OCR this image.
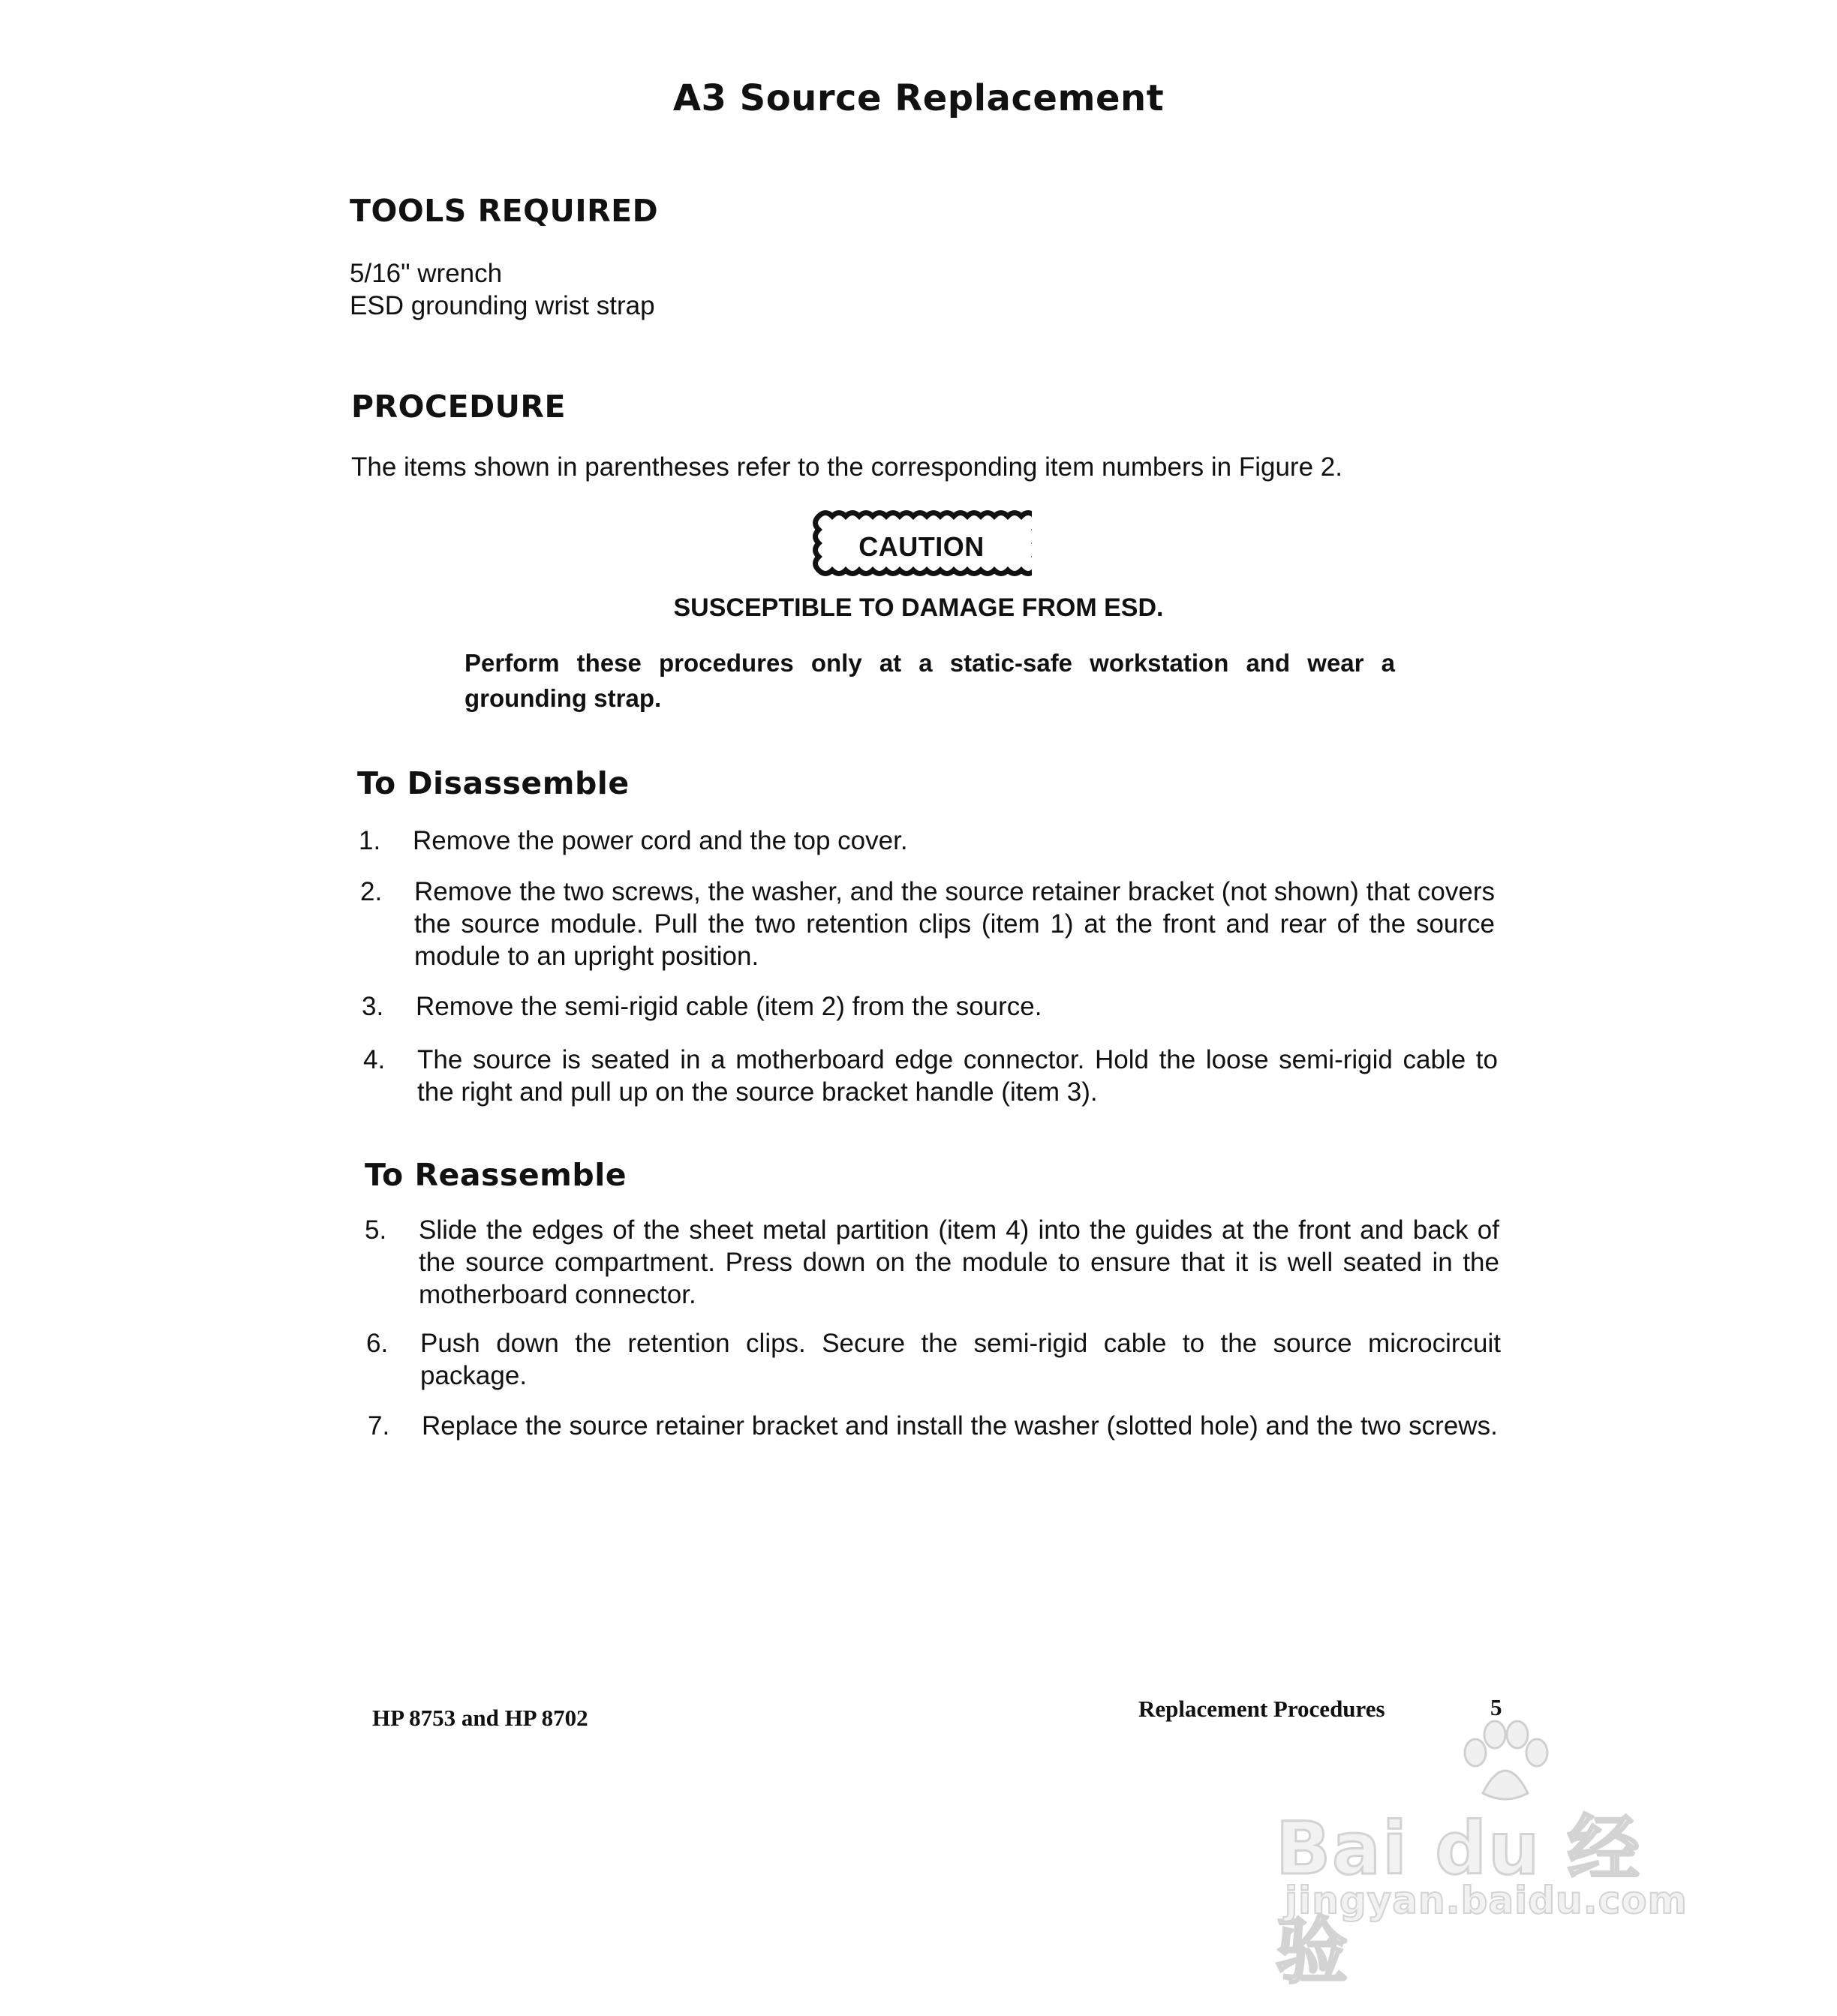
A3 Source Replacement
TOOLS REQUIRED
5/16" wrench
ESD grounding wrist strap
PROCEDURE
The items shown in parentheses refer to the corresponding item numbers in Figure 2.
CAUTION
SUSCEPTIBLE TO DAMAGE FROM ESD.
Perform these procedures only at a static-safe workstation and wear a grounding strap.
To Disassemble
1.	Remove the power cord and the top cover.
2.	Remove the two screws, the washer, and the source retainer bracket (not shown) that covers the source module. Pull the two retention clips (item 1) at the front and rear of the source module to an upright position.
3.	Remove the semi-rigid cable (item 2) from the source.
4.	The source is seated in a motherboard edge connector. Hold the loose semi-rigid cable to the right and pull up on the source bracket handle (item 3).
To Reassemble
5.	Slide the edges of the sheet metal partition (item 4) into the guides at the front and back of the source compartment. Press down on the module to ensure that it is well seated in the motherboard connector.
6.	Push down the retention clips. Secure the semi-rigid cable to the source microcircuit package.
7.	Replace the source retainer bracket and install the washer (slotted hole) and the two screws.
HP 8753 and HP 8702	Replacement Procedures	5
Bai du 经验
jingyan.baidu.com
